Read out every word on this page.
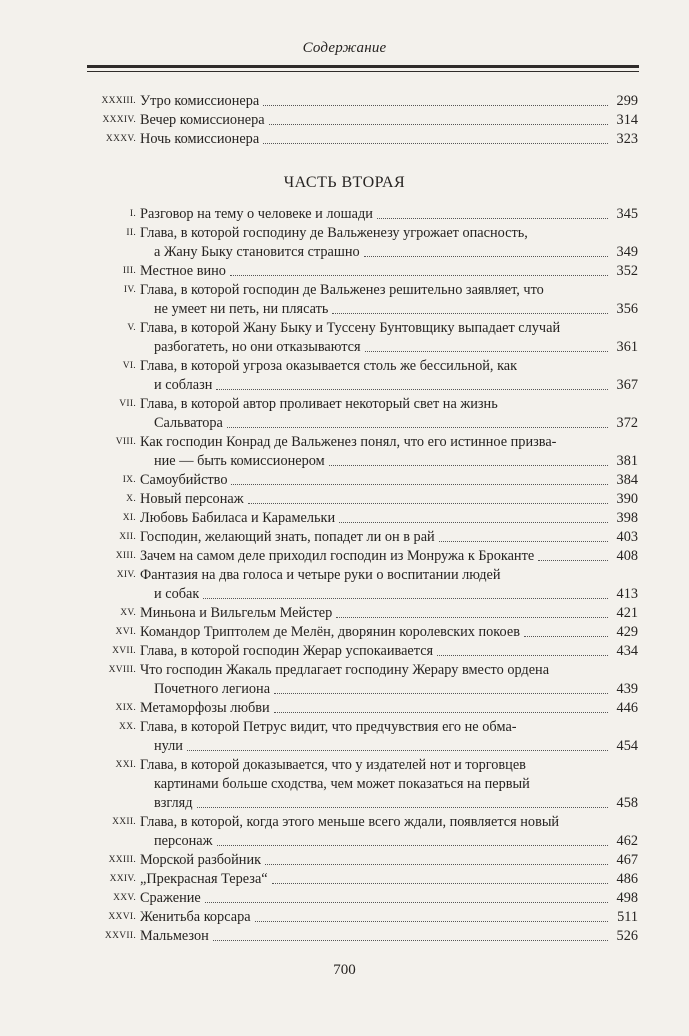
Содержание
XXXIII. Утро комиссионера	299
XXXIV. Вечер комиссионера	314
XXXV. Ночь комиссионера	323
ЧАСТЬ ВТОРАЯ
I. Разговор на тему о человеке и лошади	345
II. Глава, в которой господину де Вальженезу угрожает опасность,
а Жану Быку становится страшно	349
III. Местное вино	352
IV. Глава, в которой господин де Вальженез решительно заявляет, что
не умеет ни петь, ни плясать	356
V. Глава, в которой Жану Быку и Туссену Бунтовщику выпадает случай
разбогатеть, но они отказываются	361
VI. Глава, в которой угроза оказывается столь же бессильной, как
и соблазн	367
VII. Глава, в которой автор проливает некоторый свет на жизнь
Сальватора	372
VIII. Как господин Конрад де Вальженез понял, что его истинное призва-
ние — быть комиссионером	381
IX. Самоубийство	384
X. Новый персонаж	390
XI. Любовь Бабиласа и Карамельки	398
XII. Господин, желающий знать, попадет ли он в рай	403
XIII. Зачем на самом деле приходил господин из Монружа к Броканте	408
XIV. Фантазия на два голоса и четыре руки о воспитании людей
и собак	413
XV. Миньона и Вильгельм Мейстер	421
XVI. Командор Триптолем де Мелён, дворянин королевских покоев	429
XVII. Глава, в которой господин Жерар успокаивается	434
XVIII. Что господин Жакаль предлагает господину Жерару вместо ордена
Почетного легиона	439
XIX. Метаморфозы любви	446
XX. Глава, в которой Петрус видит, что предчувствия его не обма-
нули	454
XXI. Глава, в которой доказывается, что у издателей нот и торговцев
картинами больше сходства, чем может показаться на первый
взгляд	458
XXII. Глава, в которой, когда этого меньше всего ждали, появляется новый
персонаж	462
XXIII. Морской разбойник	467
XXIV. „Прекрасная Тереза“	486
XXV. Сражение	498
XXVI. Женитьба корсара	511
XXVII. Мальмезон	526
700
